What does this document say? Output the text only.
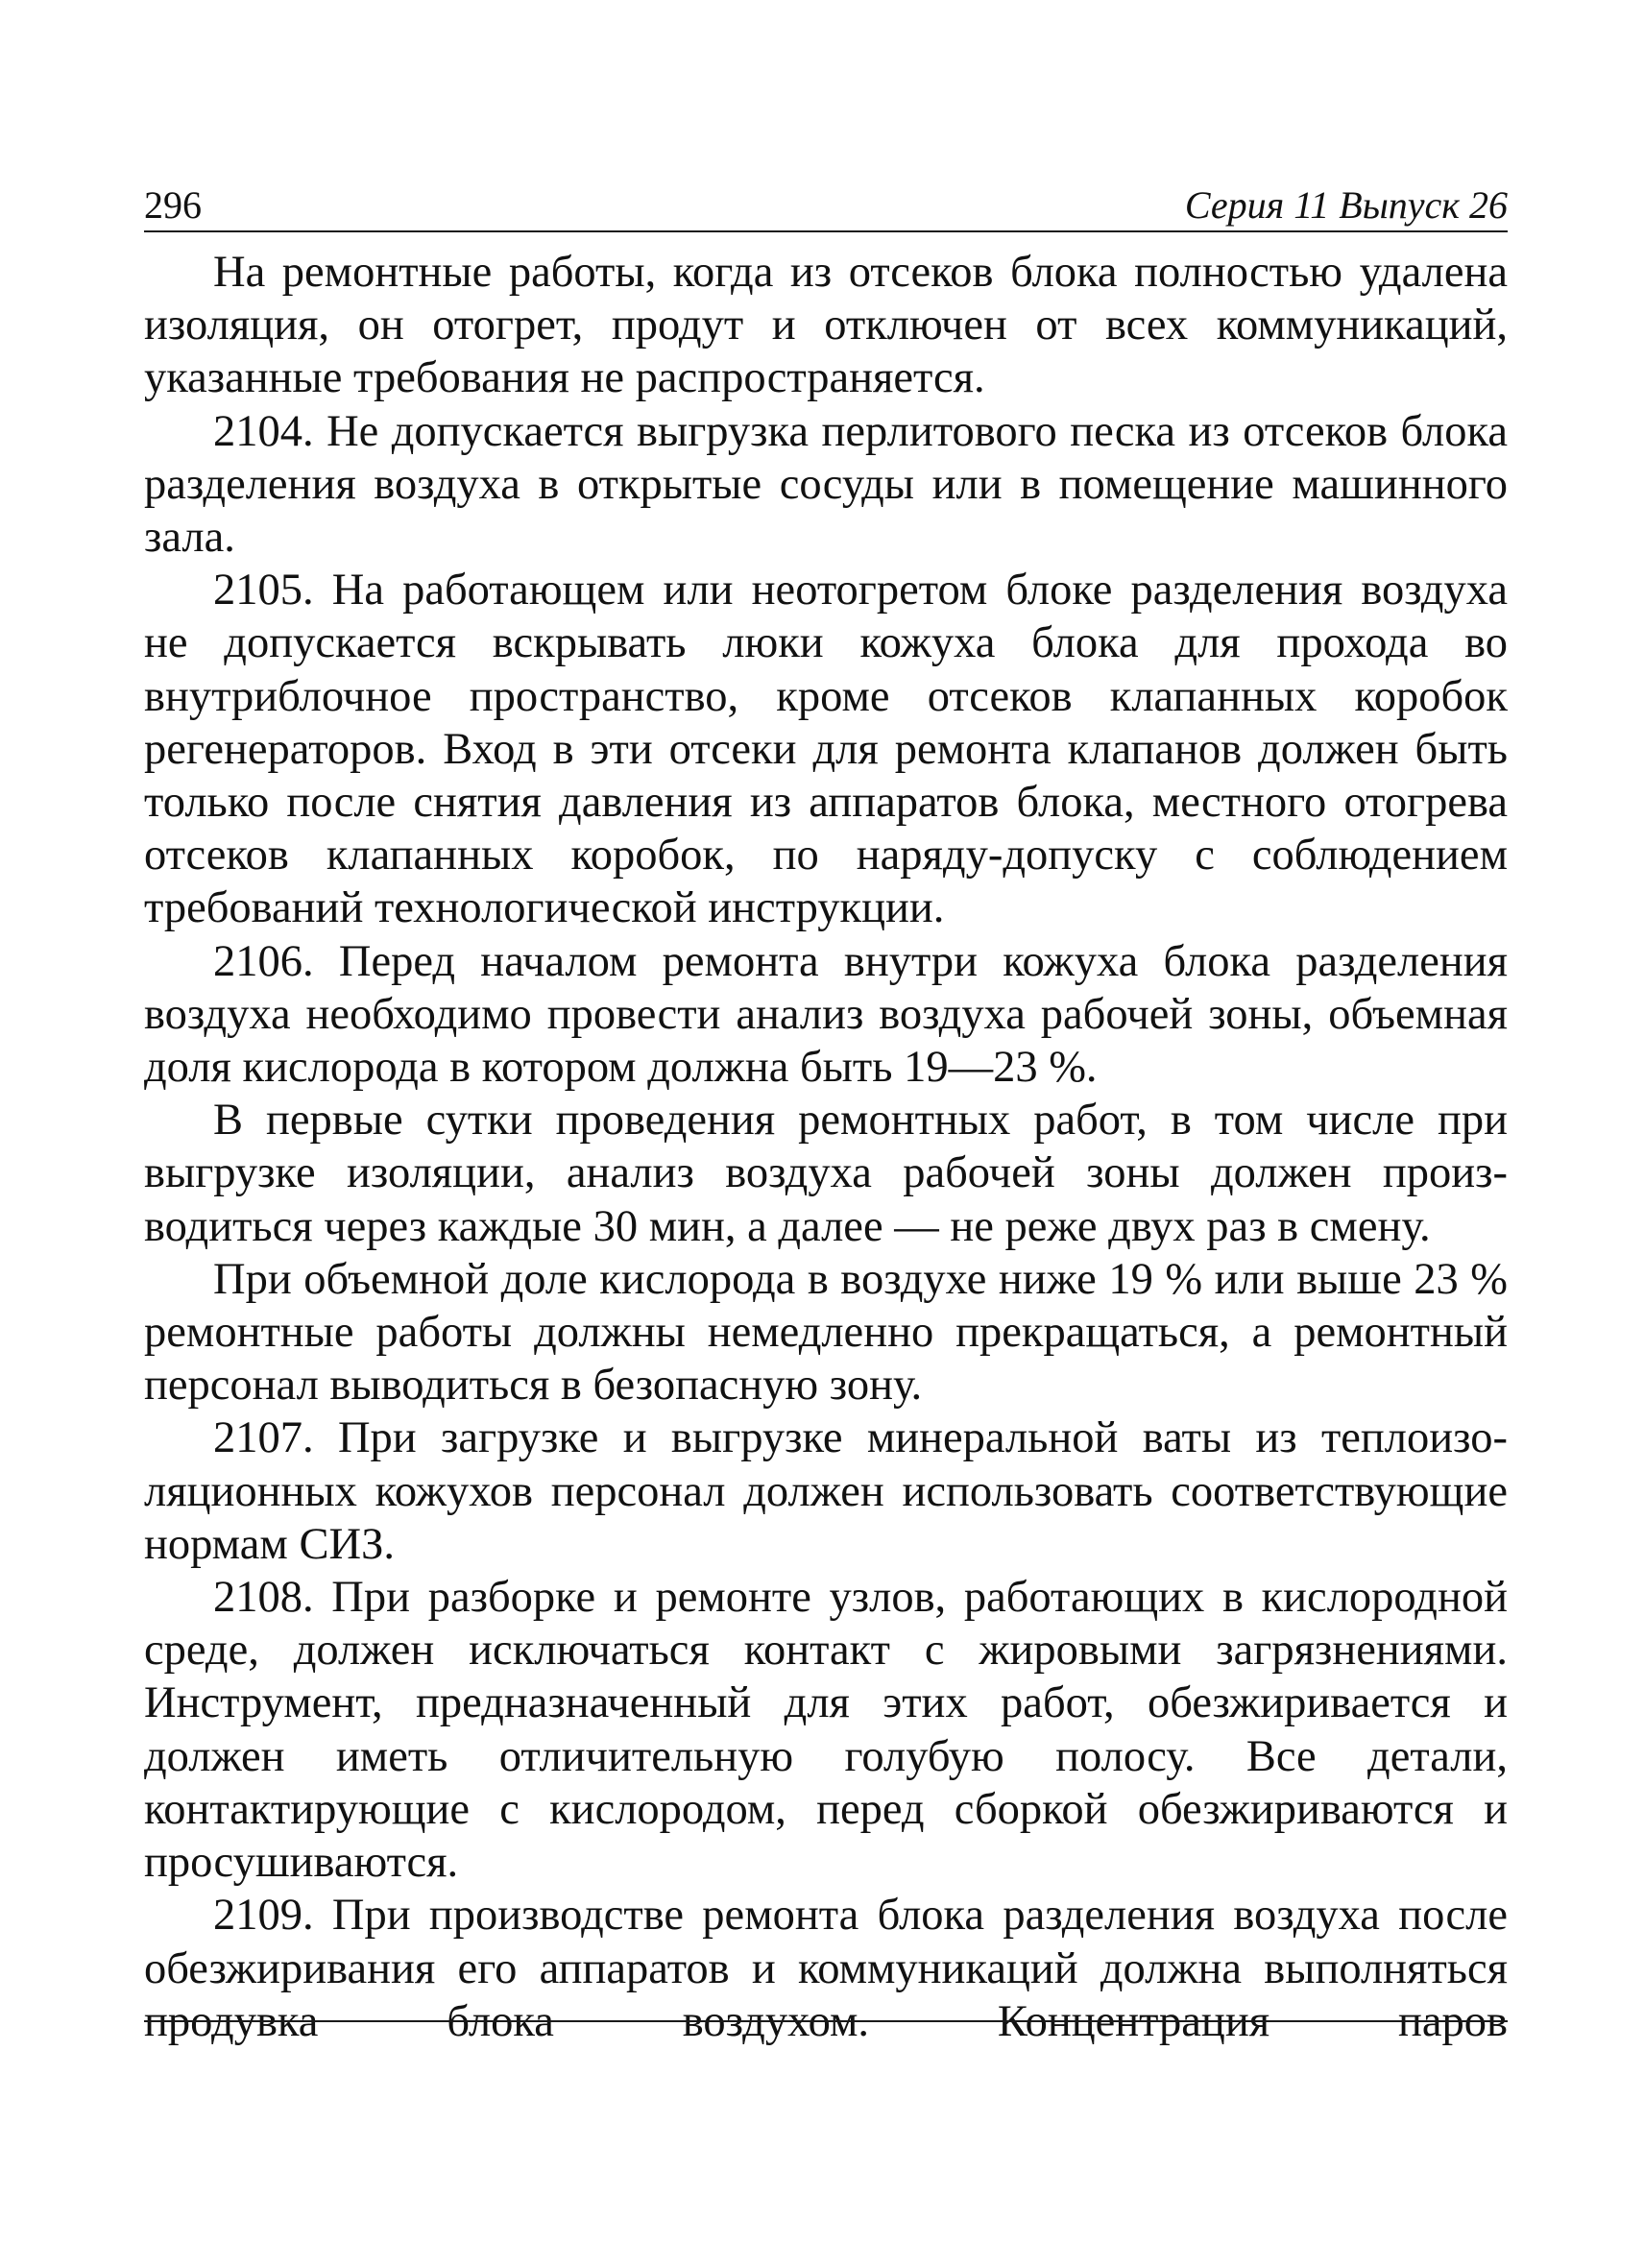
296	Серия 11 Выпуск 26

На ремонтные работы, когда из отсеков блока полностью удалена изоляция, он отогрет, продут и отключен от всех коммуникаций, указанные требования не распространяется.

2104. Не допускается выгрузка перлитового песка из отсеков блока разделения воздуха в открытые сосуды или в помещение машинного зала.

2105. На работающем или неотогретом блоке разделения воздуха не допускается вскрывать люки кожуха блока для прохода во внутриблочное пространство, кроме отсеков клапанных коробок регенераторов. Вход в эти отсеки для ремонта клапанов должен быть только после снятия давления из аппаратов блока, местного отогрева отсеков клапанных коробок, по наряду-допуску с соблюдением требований технологической инструкции.

2106. Перед началом ремонта внутри кожуха блока разделения воздуха необходимо провести анализ воздуха рабочей зоны, объемная доля кислорода в котором должна быть 19—23 %.

В первые сутки проведения ремонтных работ, в том числе при выгрузке изоляции, анализ воздуха рабочей зоны должен производиться через каждые 30 мин, а далее — не реже двух раз в смену.

При объемной доле кислорода в воздухе ниже 19 % или выше 23 % ремонтные работы должны немедленно прекращаться, а ремонтный персонал выводиться в безопасную зону.

2107. При загрузке и выгрузке минеральной ваты из теплоизоляционных кожухов персонал должен использовать соответствующие нормам СИЗ.

2108. При разборке и ремонте узлов, работающих в кислородной среде, должен исключаться контакт с жировыми загрязнениями. Инструмент, предназначенный для этих работ, обезжиривается и должен иметь отличительную голубую полосу. Все детали, контактирующие с кислородом, перед сборкой обезжириваются и просушиваются.

2109. При производстве ремонта блока разделения воздуха после обезжиривания его аппаратов и коммуникаций должна выполняться продувка блока воздухом. Концентрация паров
